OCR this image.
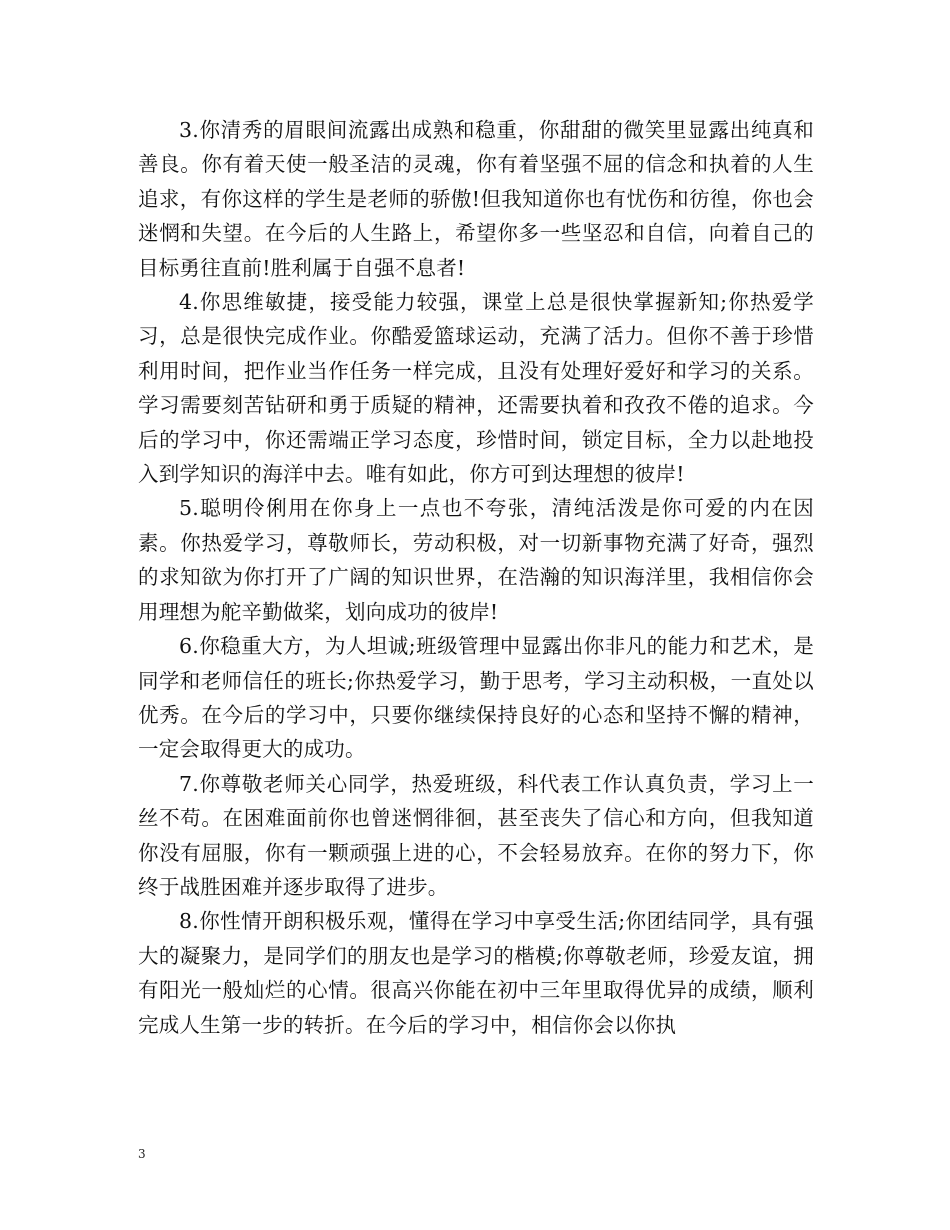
3.你清秀的眉眼间流露出成熟和稳重，你甜甜的微笑里显露出纯真和善良。你有着天使一般圣洁的灵魂，你有着坚强不屈的信念和执着的人生追求，有你这样的学生是老师的骄傲!但我知道你也有忧伤和彷徨，你也会迷惘和失望。在今后的人生路上，希望你多一些坚忍和自信，向着自己的目标勇往直前!胜利属于自强不息者!

4.你思维敏捷，接受能力较强，课堂上总是很快掌握新知;你热爱学习，总是很快完成作业。你酷爱篮球运动，充满了活力。但你不善于珍惜利用时间，把作业当作任务一样完成，且没有处理好爱好和学习的关系。学习需要刻苦钻研和勇于质疑的精神，还需要执着和孜孜不倦的追求。今后的学习中，你还需端正学习态度，珍惜时间，锁定目标，全力以赴地投入到学知识的海洋中去。唯有如此，你方可到达理想的彼岸!

5.聪明伶俐用在你身上一点也不夸张，清纯活泼是你可爱的内在因素。你热爱学习，尊敬师长，劳动积极，对一切新事物充满了好奇，强烈的求知欲为你打开了广阔的知识世界，在浩瀚的知识海洋里，我相信你会用理想为舵辛勤做桨，划向成功的彼岸!

6.你稳重大方，为人坦诚;班级管理中显露出你非凡的能力和艺术，是同学和老师信任的班长;你热爱学习，勤于思考，学习主动积极，一直处以优秀。在今后的学习中，只要你继续保持良好的心态和坚持不懈的精神，一定会取得更大的成功。

7.你尊敬老师关心同学，热爱班级，科代表工作认真负责，学习上一丝不苟。在困难面前你也曾迷惘徘徊，甚至丧失了信心和方向，但我知道你没有屈服，你有一颗顽强上进的心，不会轻易放弃。在你的努力下，你终于战胜困难并逐步取得了进步。

8.你性情开朗积极乐观，懂得在学习中享受生活;你团结同学，具有强大的凝聚力，是同学们的朋友也是学习的楷模;你尊敬老师，珍爱友谊，拥有阳光一般灿烂的心情。很高兴你能在初中三年里取得优异的成绩，顺利完成人生第一步的转折。在今后的学习中，相信你会以你执

3
